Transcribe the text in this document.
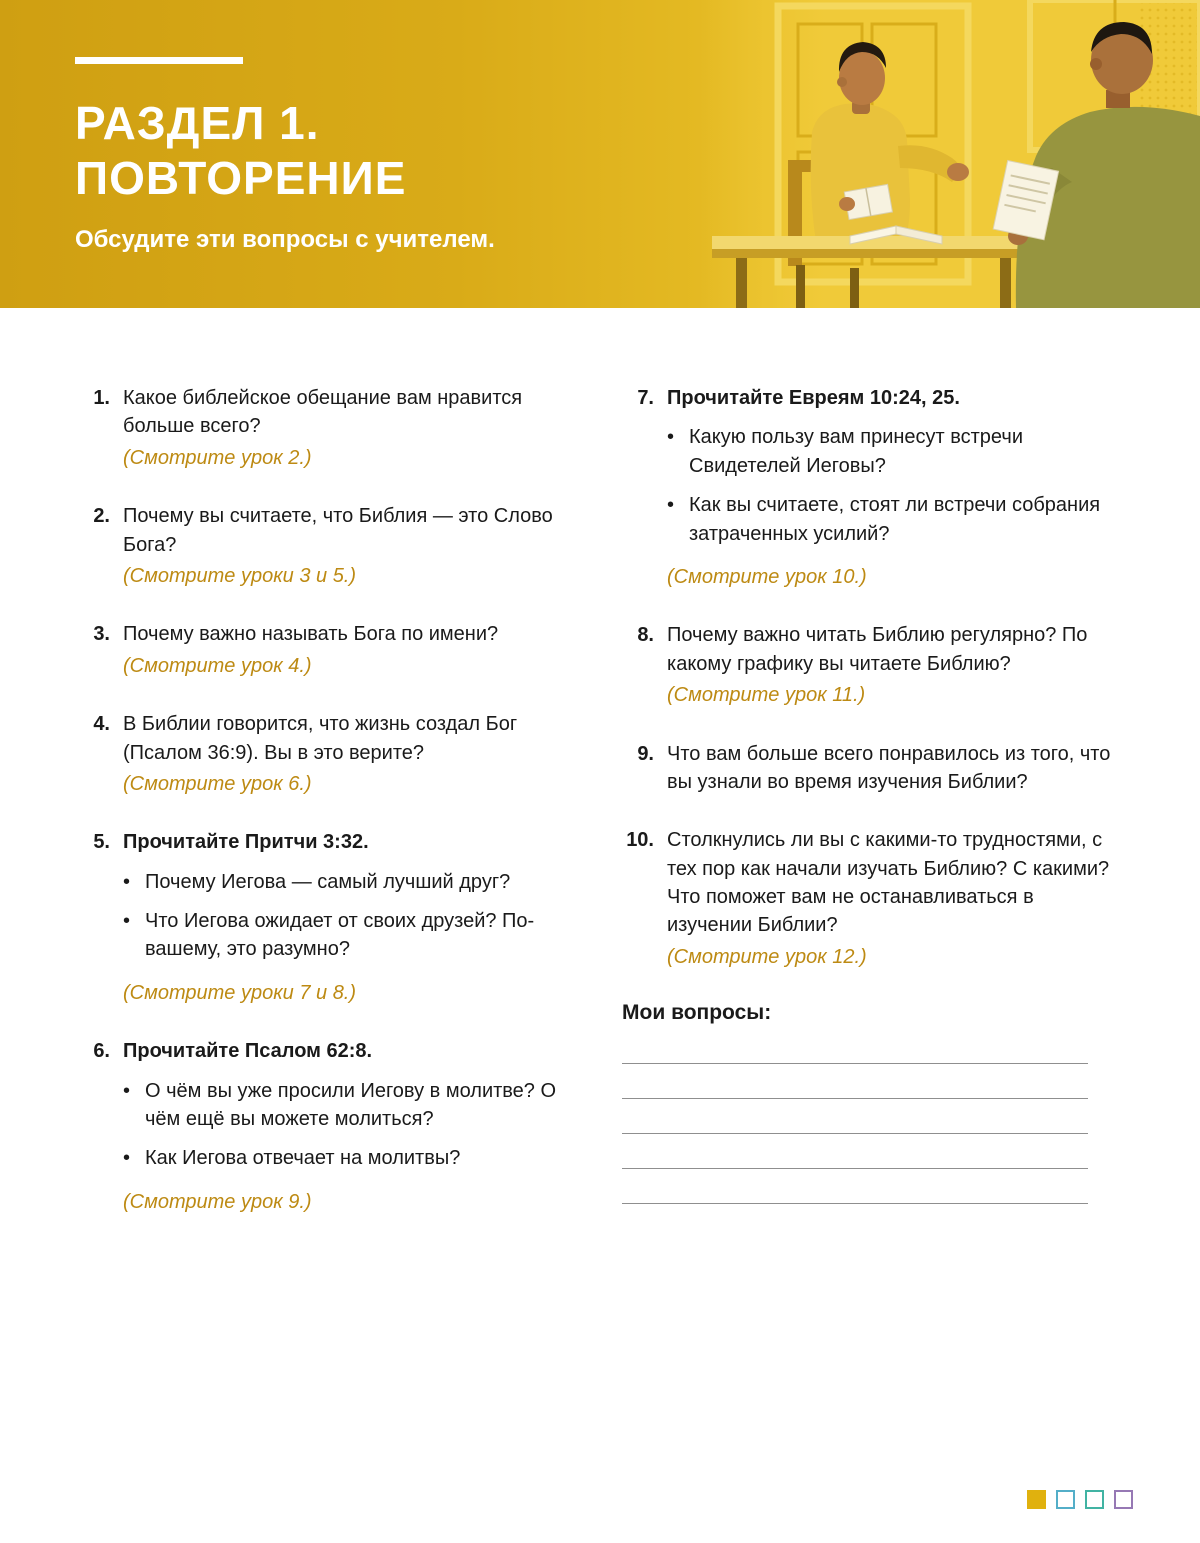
РАЗДЕЛ 1.
ПОВТОРЕНИЕ

Обсудите эти вопросы с учителем.

1. Какое библейское обещание вам нравится больше всего?
(Смотрите урок 2.)
2. Почему вы считаете, что Библия — это Слово Бога?
(Смотрите уроки 3 и 5.)
3. Почему важно называть Бога по имени?
(Смотрите урок 4.)
4. В Библии говорится, что жизнь создал Бог (Псалом 36:9). Вы в это верите?
(Смотрите урок 6.)
5. Прочитайте Притчи 3:32.
• Почему Иегова — самый лучший друг?
• Что Иегова ожидает от своих друзей? По-вашему, это разумно?
(Смотрите уроки 7 и 8.)
6. Прочитайте Псалом 62:8.
• О чём вы уже просили Иегову в молитве? О чём ещё вы можете молиться?
• Как Иегова отвечает на молитвы?
(Смотрите урок 9.)
7. Прочитайте Евреям 10:24, 25.
• Какую пользу вам принесут встречи Свидетелей Иеговы?
• Как вы считаете, стоят ли встречи собрания затраченных усилий?
(Смотрите урок 10.)
8. Почему важно читать Библию регулярно? По какому графику вы читаете Библию?
(Смотрите урок 11.)
9. Что вам больше всего понравилось из того, что вы узнали во время изучения Библии?
10. Столкнулись ли вы с какими-то трудностями, с тех пор как начали изучать Библию? С какими? Что поможет вам не останавливаться в изучении Библии?
(Смотрите урок 12.)
Мои вопросы:
